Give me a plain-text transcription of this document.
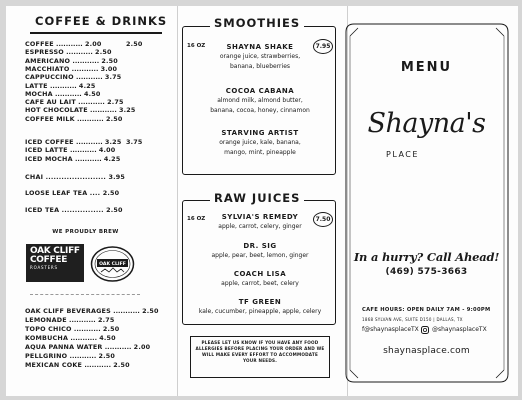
COFFEE & DRINKS
COFFEE ........... 2.00	2.50
ESPRESSO ........... 2.50
AMERICANO ........... 2.50
MACCHIATO ........... 3.00
CAPPUCCINO ........... 3.75
LATTE ........... 4.25
MOCHA ........... 4.50
CAFE AU LAIT ........... 2.75
HOT CHOCOLATE ........... 3.25
COFFEE MILK ........... 2.50
ICED COFFEE ........... 3.25 3.75
ICED LATTE ........... 4.00
ICED MOCHA ........... 4.25
CHAI ....................... 3.95
LOOSE LEAF TEA .... 2.50
ICED TEA ................ 2.50
WE PROUDLY BREW
OAK CLIFF
COFFEE
ROASTERS
OAK CLIFF
OAK CLIFF BEVERAGES ........... 2.50
LEMONADE ........... 2.75
TOPO CHICO ........... 2.50
KOMBUCHA ........... 4.50
AQUA PANNA WATER ........... 2.00
PELLGRINO ........... 2.50
MEXICAN COKE ........... 2.50
SMOOTHIES
16 OZ	7.95
SHAYNA SHAKE
orange juice, strawberries,
banana, blueberries
COCOA CABANA
almond milk, almond butter,
banana, cocoa, honey, cinnamon
STARVING ARTIST
orange juice, kale, banana,
mango, mint, pineapple
RAW JUICES
16 OZ	7.50
SYLVIA'S REMEDY
apple, carrot, celery, ginger
DR. SIG
apple, pear, beet, lemon, ginger
COACH LISA
apple, carrot, beet, celery
TF GREEN
kale, cucumber, pineapple, apple, celery
PLEASE LET US KNOW IF YOU HAVE ANY FOOD ALLERGIES BEFORE PLACING YOUR ORDER AND WE WILL MAKE EVERY EFFORT TO ACCOMMODATE YOUR NEEDS.
MENU
Shayna's
PLACE
In a hurry? Call Ahead!
(469) 575-3663
CAFE HOURS: OPEN DAILY 7AM - 9:00PM
1868 SYLVAN AVE, SUITE D150 | DALLAS, TX
f@shaynasplaceTX @shaynasplaceTX
shaynasplace.com
